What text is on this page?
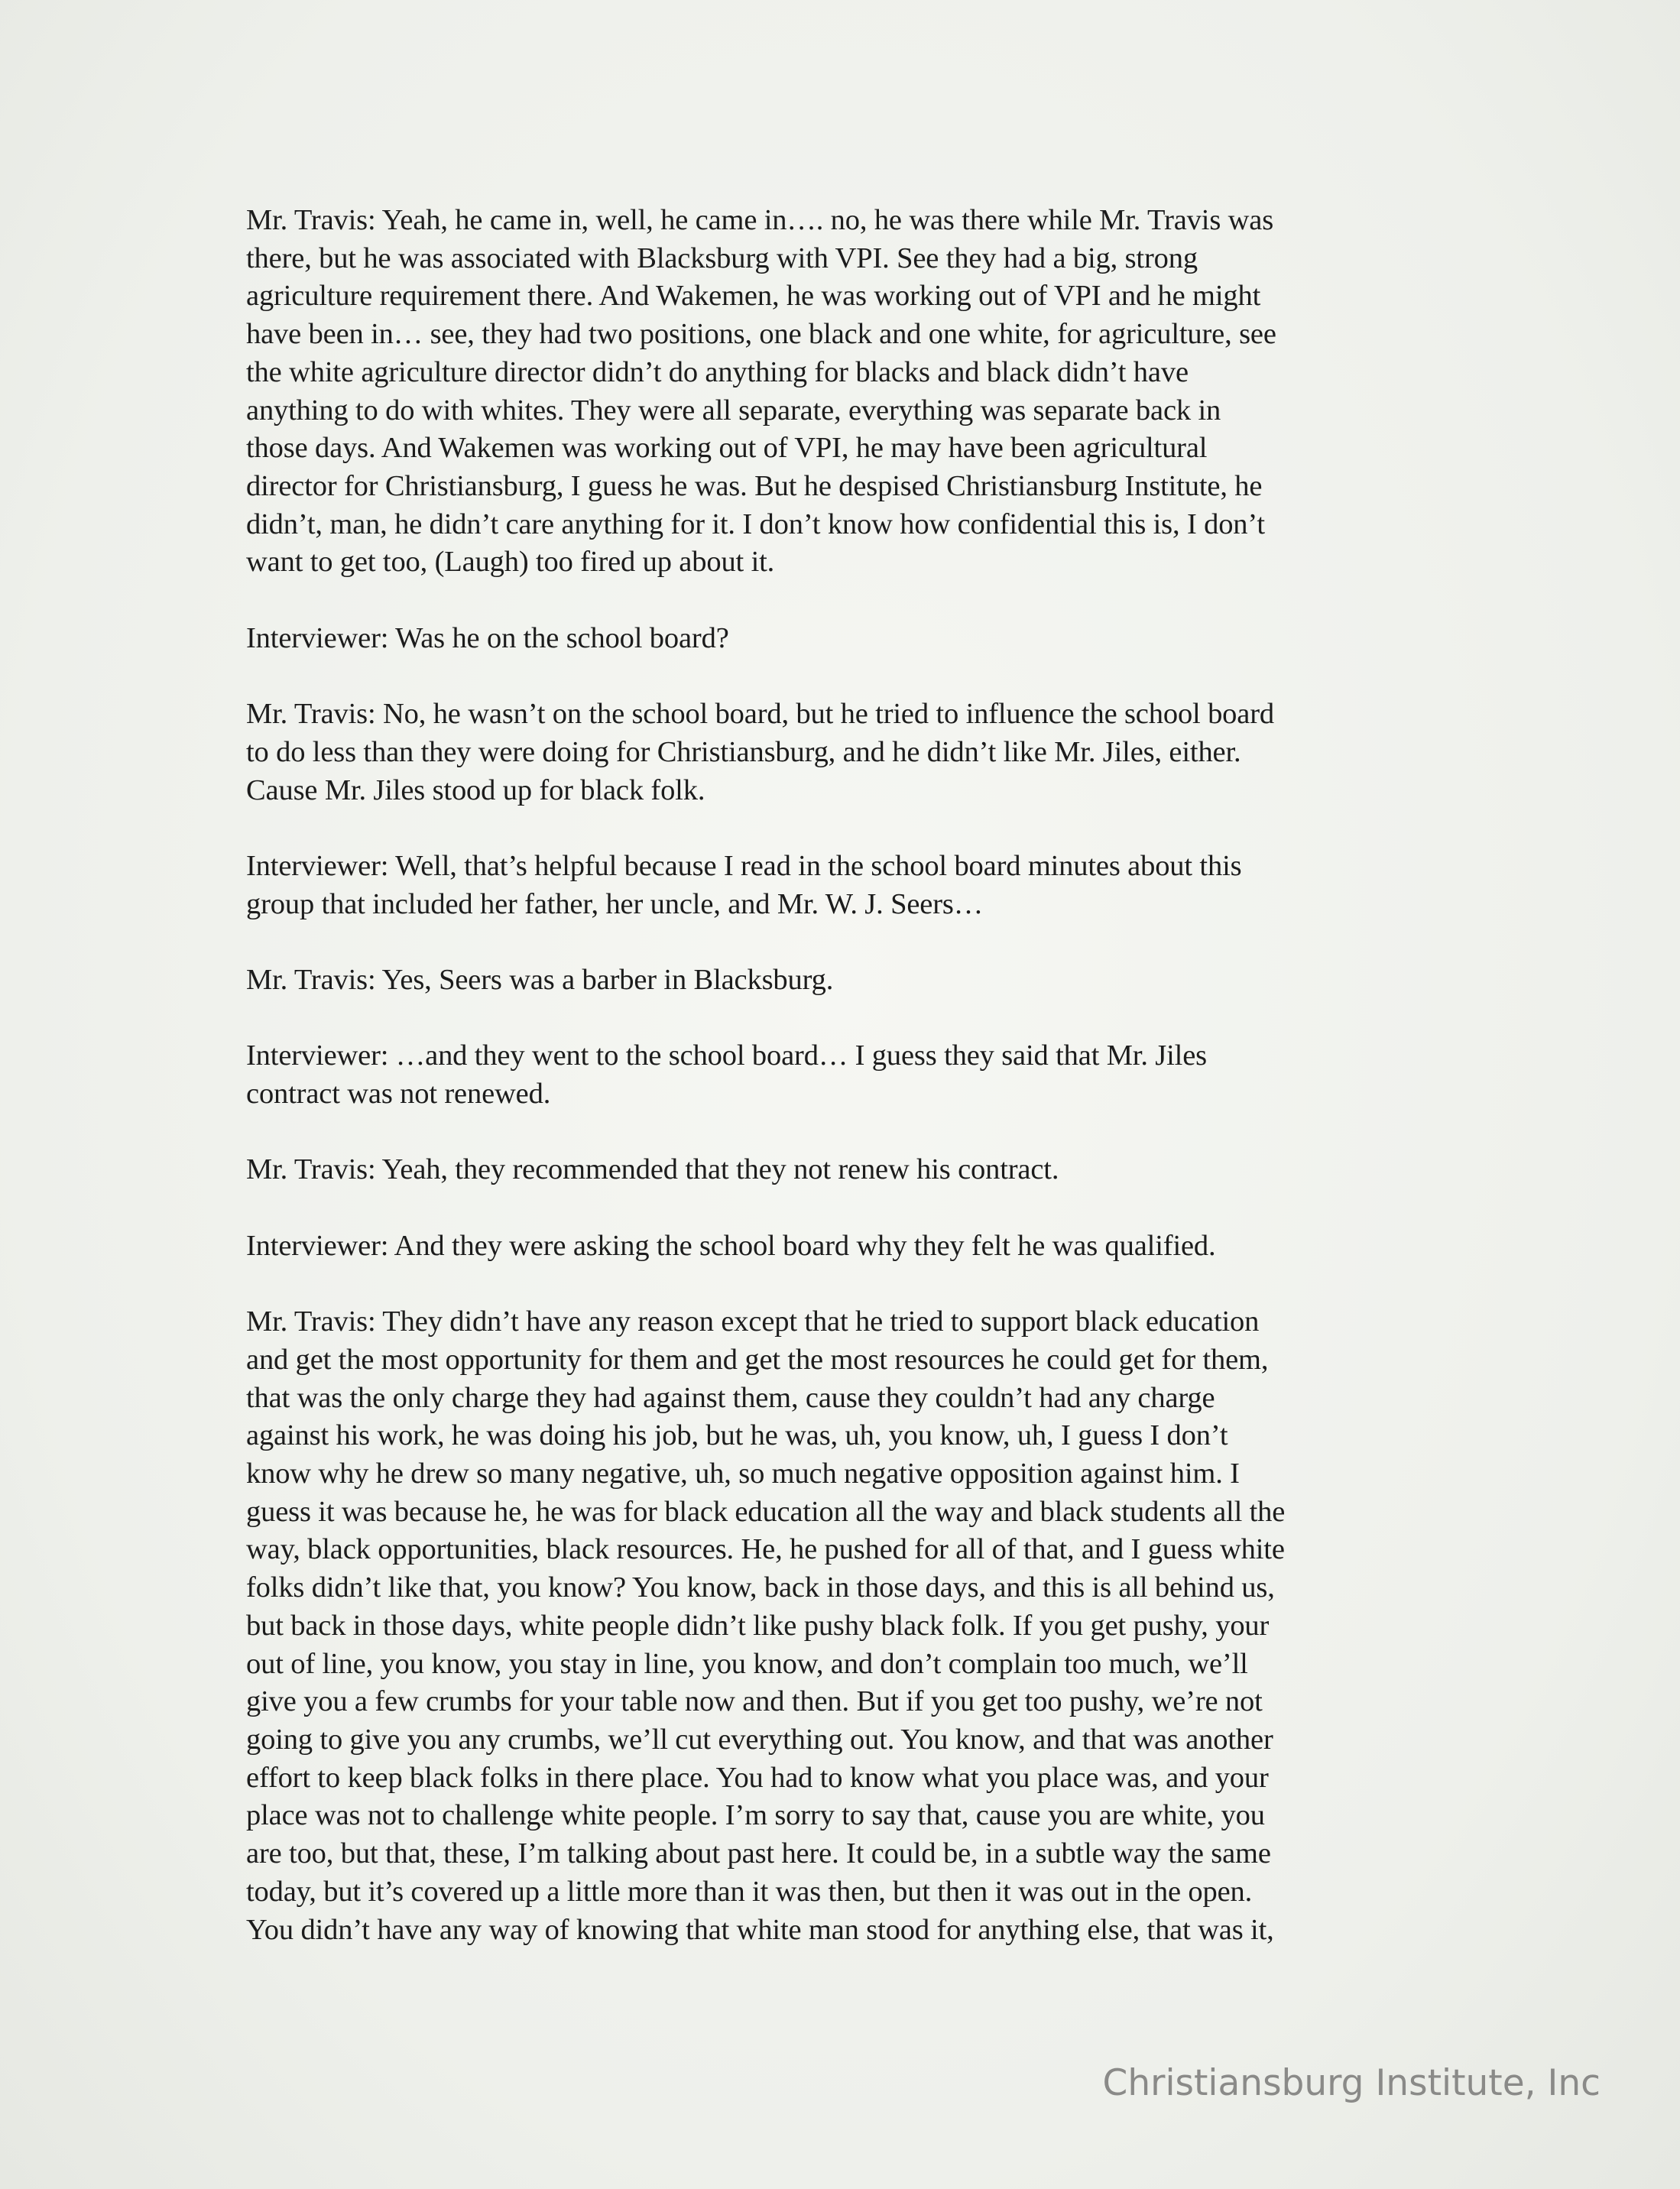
Mr. Travis: Yeah, he came in, well, he came in…. no, he was there while Mr. Travis was
there, but he was associated with Blacksburg with VPI. See they had a big, strong
agriculture requirement there. And Wakemen, he was working out of VPI and he might
have been in… see, they had two positions, one black and one white, for agriculture, see
the white agriculture director didn’t do anything for blacks and black didn’t have
anything to do with whites. They were all separate, everything was separate back in
those days. And Wakemen was working out of VPI, he may have been agricultural
director for Christiansburg, I guess he was. But he despised Christiansburg Institute, he
didn’t, man, he didn’t care anything for it. I don’t know how confidential this is, I don’t
want to get too, (Laugh) too fired up about it.
Interviewer: Was he on the school board?
Mr. Travis: No, he wasn’t on the school board, but he tried to influence the school board
to do less than they were doing for Christiansburg, and he didn’t like Mr. Jiles, either.
Cause Mr. Jiles stood up for black folk.
Interviewer: Well, that’s helpful because I read in the school board minutes about this
group that included her father, her uncle, and Mr. W. J. Seers…
Mr. Travis: Yes, Seers was a barber in Blacksburg.
Interviewer: …and they went to the school board… I guess they said that Mr. Jiles
contract was not renewed.
Mr. Travis: Yeah, they recommended that they not renew his contract.
Interviewer: And they were asking the school board why they felt he was qualified.
Mr. Travis: They didn’t have any reason except that he tried to support black education
and get the most opportunity for them and get the most resources he could get for them,
that was the only charge they had against them, cause they couldn’t had any charge
against his work, he was doing his job, but he was, uh, you know, uh, I guess I don’t
know why he drew so many negative, uh, so much negative opposition against him. I
guess it was because he, he was for black education all the way and black students all the
way, black opportunities, black resources. He, he pushed for all of that, and I guess white
folks didn’t like that, you know? You know, back in those days, and this is all behind us,
but back in those days, white people didn’t like pushy black folk. If you get pushy, your
out of line, you know, you stay in line, you know, and don’t complain too much, we’ll
give you a few crumbs for your table now and then. But if you get too pushy, we’re not
going to give you any crumbs, we’ll cut everything out. You know, and that was another
effort to keep black folks in there place. You had to know what you place was, and your
place was not to challenge white people. I’m sorry to say that, cause you are white, you
are too, but that, these, I’m talking about past here. It could be, in a subtle way the same
today, but it’s covered up a little more than it was then, but then it was out in the open.
You didn’t have any way of knowing that white man stood for anything else, that was it,
Christiansburg Institute, Inc
